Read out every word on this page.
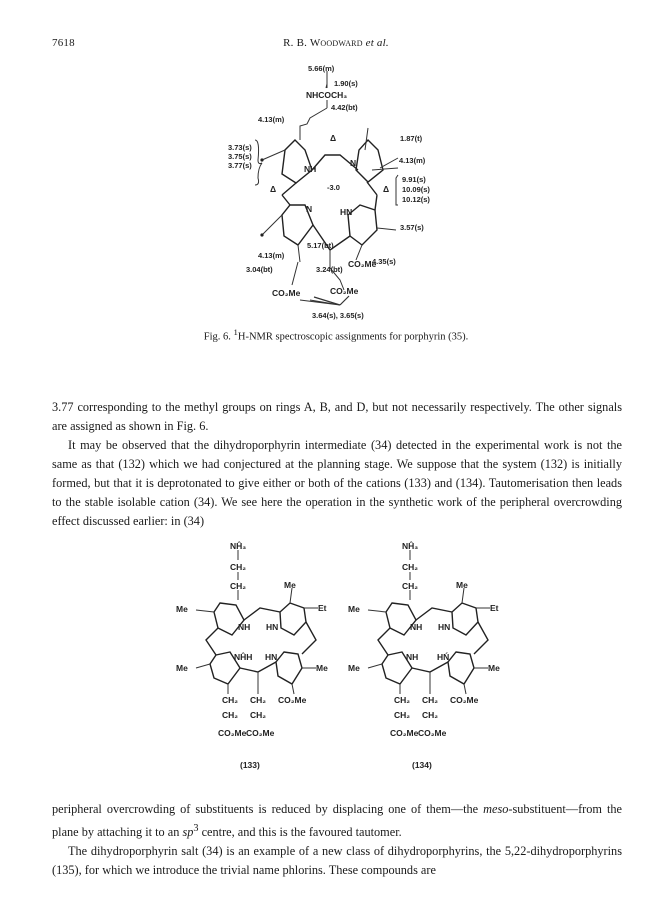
7618	R. B. Woodward et al.
5.66(m)
1.90(s)
NHCOCH₃
4.42(bt)
4.13(m)
3.73(s)
3.75(s)
3.77(s)
Δ	1.87(t)
4.13(m)
N
NH
-3.0
Δ	Δ
9.91(s)
10.09(s)
10.12(s)
N	HN
3.57(s)
4.13(m)
5.17(bt)
CO₂Me
4.35(s)
3.04(bt)	3.24(bt)
CO₂Me	CO₂Me
3.64(s), 3.65(s)
NĤ₃
CH₂
CH₂	Me
Me	Et
NH HN
NĤH HN
Me	Me
CH₂ CH₂ CO₂Me
CH₂ CH₂
CO₂Me CO₂Me
(133)
NĤ₃
CH₂
CH₂	Me
Me	Et
NH HN
NH HŃ
Me	Me
CH₂ CH₂ CO₂Me
CH₂ CH₂
CO₂Me CO₂Me
(134)
Fig. 6. $^1$H-NMR spectroscopic assignments for porphyrin (35).

3.77 corresponding to the methyl groups on rings A, B, and D, but not necessarily respectively. The other signals are assigned as shown in Fig. 6.

It may be observed that the dihydroporphyrin intermediate (34) detected in the experimental work is not the same as that (132) which we had conjectured at the planning stage. We suppose that the system (132) is initially formed, but that it is deprotonated to give either or both of the cations (133) and (134). Tautomerisation then leads to the stable isolable cation (34). We see here the operation in the synthetic work of the peripheral overcrowding effect discussed earlier: in (34)

peripheral overcrowding of substituents is reduced by displacing one of them—the meso-substituent—from the plane by attaching it to an $sp^3$ centre, and this is the favoured tautomer.

The dihydroporphyrin salt (34) is an example of a new class of dihydroporphyrins, the 5,22-dihydroporphyrins (135), for which we introduce the trivial name phlorins. These compounds are
